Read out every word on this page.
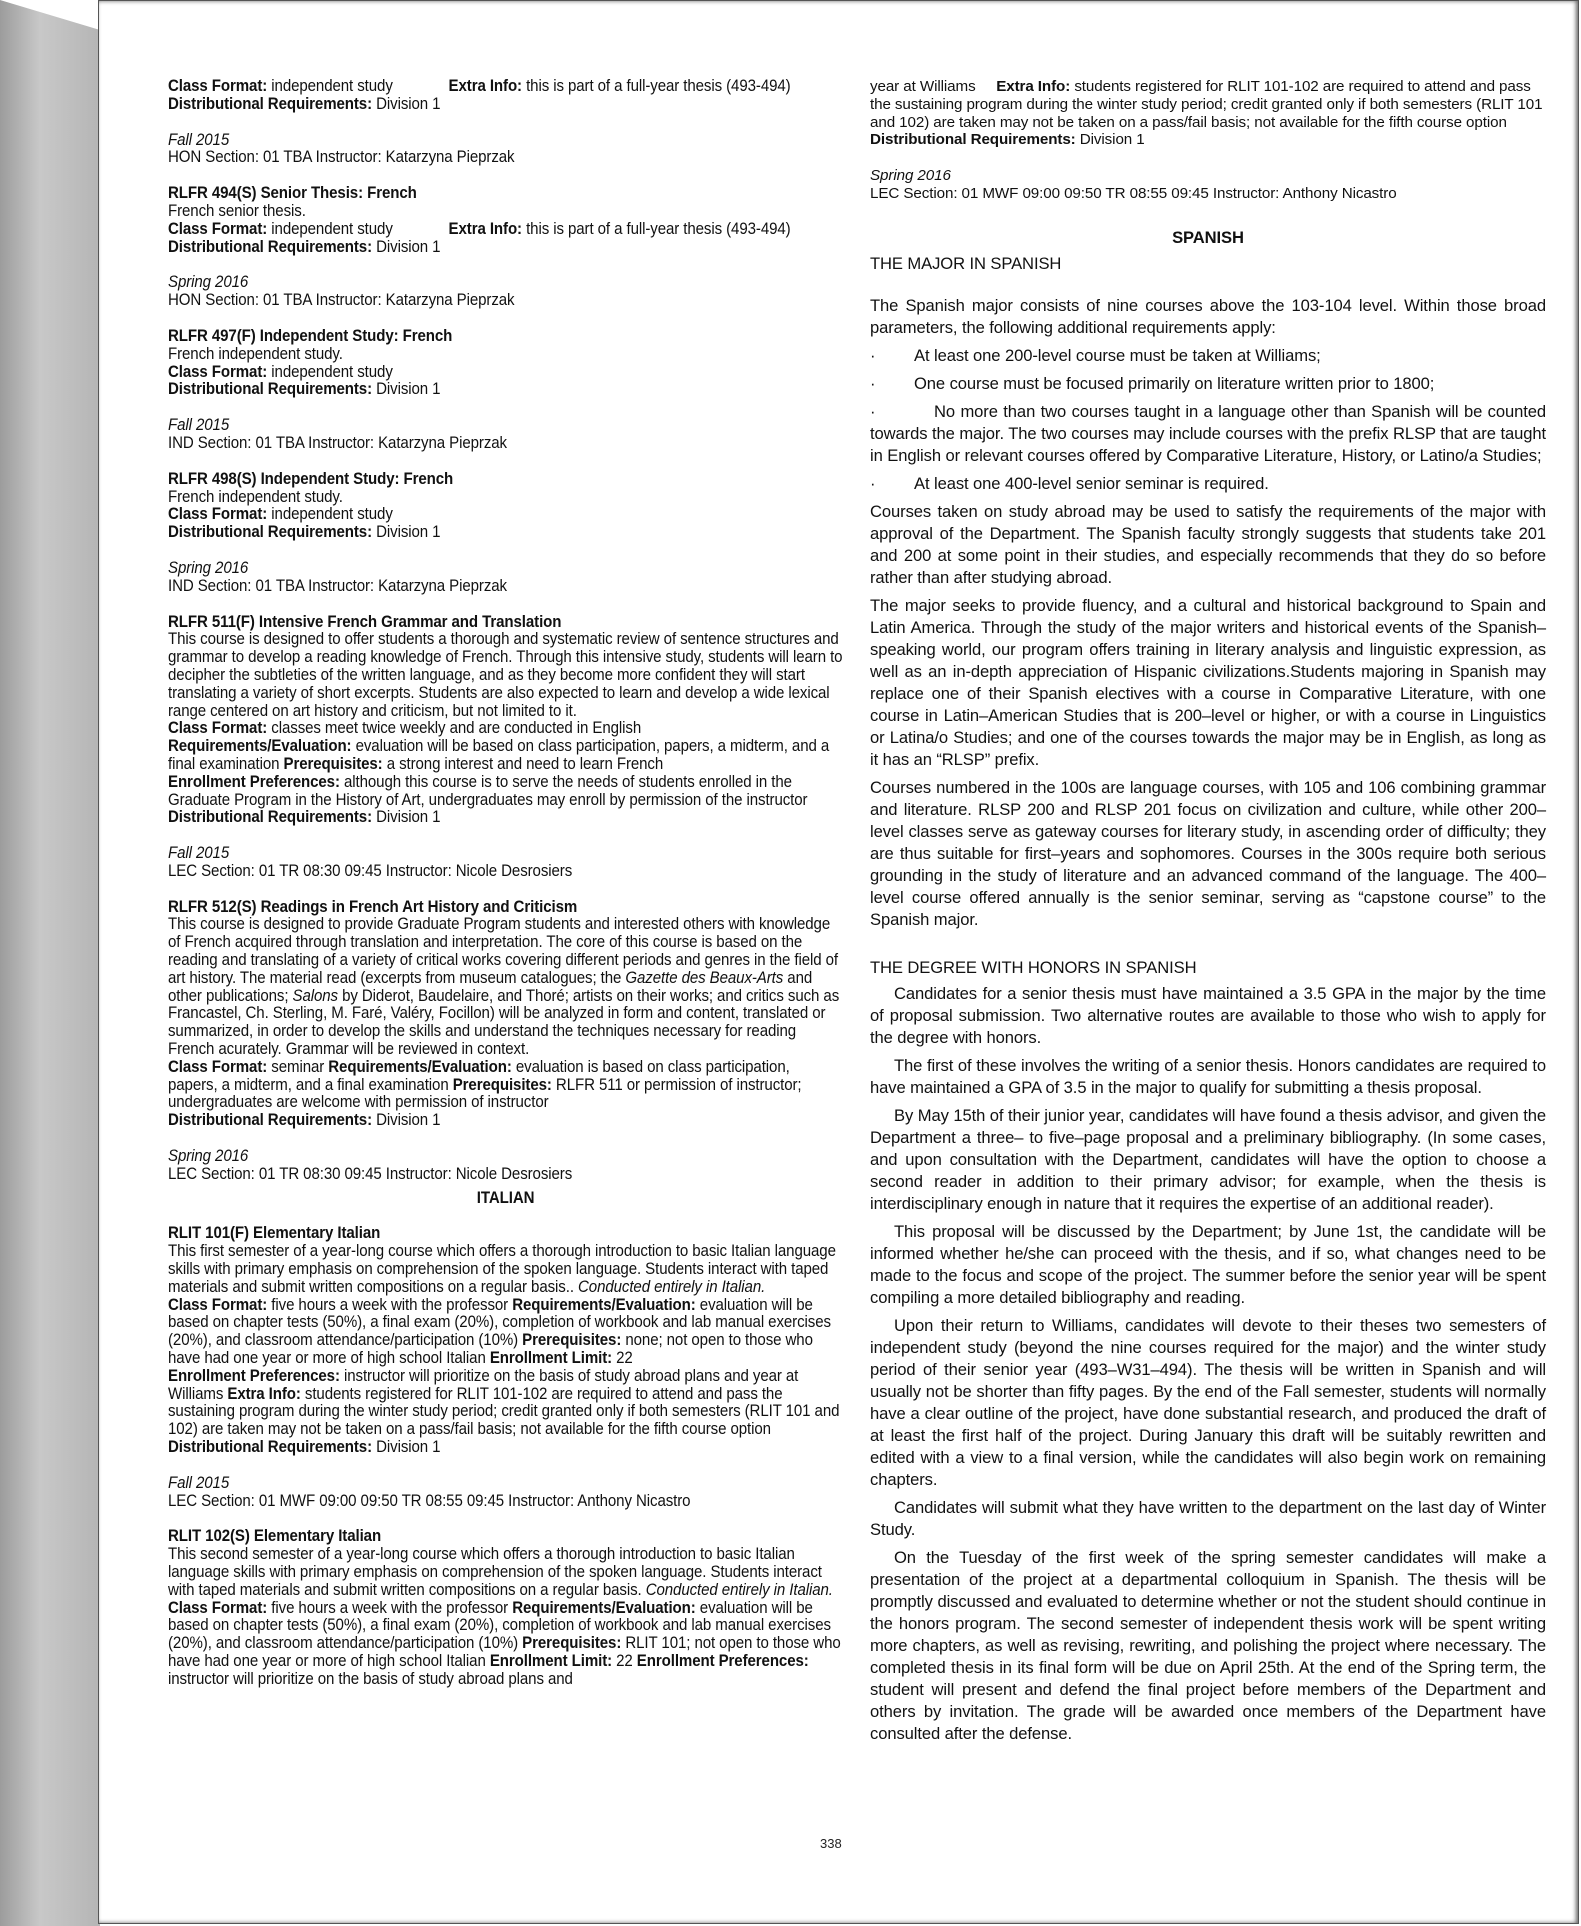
Class Format: independent study	Extra Info: this is part of a full-year thesis (493-494)
Distributional Requirements: Division 1
Fall 2015
HON Section: 01 TBA Instructor: Katarzyna Pieprzak
RLFR 494(S) Senior Thesis: French
French senior thesis.
Class Format: independent study	Extra Info: this is part of a full-year thesis (493-494)
Distributional Requirements: Division 1
Spring 2016
HON Section: 01 TBA Instructor: Katarzyna Pieprzak
RLFR 497(F) Independent Study: French
French independent study.
Class Format: independent study
Distributional Requirements: Division 1
Fall 2015
IND Section: 01 TBA Instructor: Katarzyna Pieprzak
RLFR 498(S) Independent Study: French
French independent study.
Class Format: independent study
Distributional Requirements: Division 1
Spring 2016
IND Section: 01 TBA Instructor: Katarzyna Pieprzak
RLFR 511(F) Intensive French Grammar and Translation
This course is designed to offer students a thorough and systematic review of sentence structures and grammar to develop a reading knowledge of French. Through this intensive study, students will learn to decipher the subtleties of the written language, and as they become more confident they will start translating a variety of short excerpts. Students are also expected to learn and develop a wide lexical range centered on art history and criticism, but not limited to it.
Class Format: classes meet twice weekly and are conducted in English
Requirements/Evaluation: evaluation will be based on class participation, papers, a midterm, and a final examination Prerequisites: a strong interest and need to learn French
Enrollment Preferences: although this course is to serve the needs of students enrolled in the Graduate Program in the History of Art, undergraduates may enroll by permission of the instructor
Distributional Requirements: Division 1
Fall 2015
LEC Section: 01 TR 08:30 09:45 Instructor: Nicole Desrosiers
RLFR 512(S) Readings in French Art History and Criticism
This course is designed to provide Graduate Program students and interested others with knowledge of French acquired through translation and interpretation. The core of this course is based on the reading and translating of a variety of critical works covering different periods and genres in the field of art history. The material read (excerpts from museum catalogues; the Gazette des Beaux-Arts and other publications; Salons by Diderot, Baudelaire, and Thoré; artists on their works; and critics such as Francastel, Ch. Sterling, M. Faré, Valéry, Focillon) will be analyzed in form and content, translated or summarized, in order to develop the skills and understand the techniques necessary for reading French acurately. Grammar will be reviewed in context.
Class Format: seminar Requirements/Evaluation: evaluation is based on class participation, papers, a midterm, and a final examination Prerequisites: RLFR 511 or permission of instructor; undergraduates are welcome with permission of instructor
Distributional Requirements: Division 1
Spring 2016
LEC Section: 01 TR 08:30 09:45 Instructor: Nicole Desrosiers
ITALIAN
RLIT 101(F) Elementary Italian
This first semester of a year-long course which offers a thorough introduction to basic Italian language skills with primary emphasis on comprehension of the spoken language. Students interact with taped materials and submit written compositions on a regular basis.. Conducted entirely in Italian.
Class Format: five hours a week with the professor Requirements/Evaluation: evaluation will be based on chapter tests (50%), a final exam (20%), completion of workbook and lab manual exercises (20%), and classroom attendance/participation (10%) Prerequisites: none; not open to those who have had one year or more of high school Italian Enrollment Limit: 22
Enrollment Preferences: instructor will prioritize on the basis of study abroad plans and year at Williams Extra Info: students registered for RLIT 101-102 are required to attend and pass the sustaining program during the winter study period; credit granted only if both semesters (RLIT 101 and 102) are taken may not be taken on a pass/fail basis; not available for the fifth course option
Distributional Requirements: Division 1
Fall 2015
LEC Section: 01 MWF 09:00 09:50 TR 08:55 09:45 Instructor: Anthony Nicastro
RLIT 102(S) Elementary Italian
This second semester of a year-long course which offers a thorough introduction to basic Italian language skills with primary emphasis on comprehension of the spoken language. Students interact with taped materials and submit written compositions on a regular basis. Conducted entirely in Italian.
Class Format: five hours a week with the professor Requirements/Evaluation: evaluation will be based on chapter tests (50%), a final exam (20%), completion of workbook and lab manual exercises (20%), and classroom attendance/participation (10%) Prerequisites: RLIT 101; not open to those who have had one year or more of high school Italian Enrollment Limit: 22 Enrollment Preferences: instructor will prioritize on the basis of study abroad plans and
year at Williams Extra Info: students registered for RLIT 101-102 are required to attend and pass the sustaining program during the winter study period; credit granted only if both semesters (RLIT 101 and 102) are taken may not be taken on a pass/fail basis; not available for the fifth course option
Distributional Requirements: Division 1
Spring 2016
LEC Section: 01 MWF 09:00 09:50 TR 08:55 09:45 Instructor: Anthony Nicastro
SPANISH
THE MAJOR IN SPANISH
The Spanish major consists of nine courses above the 103-104 level. Within those broad parameters, the following additional requirements apply:
·	At least one 200-level course must be taken at Williams;
·	One course must be focused primarily on literature written prior to 1800;
·	No more than two courses taught in a language other than Spanish will be counted towards the major. The two courses may include courses with the prefix RLSP that are taught in English or relevant courses offered by Comparative Literature, History, or Latino/a Studies;
·	At least one 400-level senior seminar is required.
Courses taken on study abroad may be used to satisfy the requirements of the major with approval of the Department. The Spanish faculty strongly suggests that students take 201 and 200 at some point in their studies, and especially recommends that they do so before rather than after studying abroad.
The major seeks to provide fluency, and a cultural and historical background to Spain and Latin America. Through the study of the major writers and historical events of the Spanish–speaking world, our program offers training in literary analysis and linguistic expression, as well as an in-depth appreciation of Hispanic civilizations.Students majoring in Spanish may replace one of their Spanish electives with a course in Comparative Literature, with one course in Latin–American Studies that is 200–level or higher, or with a course in Linguistics or Latina/o Studies; and one of the courses towards the major may be in English, as long as it has an “RLSP” prefix.
Courses numbered in the 100s are language courses, with 105 and 106 combining grammar and literature. RLSP 200 and RLSP 201 focus on civilization and culture, while other 200–level classes serve as gateway courses for literary study, in ascending order of difficulty; they are thus suitable for first–years and sophomores. Courses in the 300s require both serious grounding in the study of literature and an advanced command of the language. The 400–level course offered annually is the senior seminar, serving as “capstone course” to the Spanish major.
THE DEGREE WITH HONORS IN SPANISH
Candidates for a senior thesis must have maintained a 3.5 GPA in the major by the time of proposal submission. Two alternative routes are available to those who wish to apply for the degree with honors.
The first of these involves the writing of a senior thesis. Honors candidates are required to have maintained a GPA of 3.5 in the major to qualify for submitting a thesis proposal.
By May 15th of their junior year, candidates will have found a thesis advisor, and given the Department a three– to five–page proposal and a preliminary bibliography. (In some cases, and upon consultation with the Department, candidates will have the option to choose a second reader in addition to their primary advisor; for example, when the thesis is interdisciplinary enough in nature that it requires the expertise of an additional reader).
This proposal will be discussed by the Department; by June 1st, the candidate will be informed whether he/she can proceed with the thesis, and if so, what changes need to be made to the focus and scope of the project. The summer before the senior year will be spent compiling a more detailed bibliography and reading.
Upon their return to Williams, candidates will devote to their theses two semesters of independent study (beyond the nine courses required for the major) and the winter study period of their senior year (493–W31–494). The thesis will be written in Spanish and will usually not be shorter than fifty pages. By the end of the Fall semester, students will normally have a clear outline of the project, have done substantial research, and produced the draft of at least the first half of the project. During January this draft will be suitably rewritten and edited with a view to a final version, while the candidates will also begin work on remaining chapters.
Candidates will submit what they have written to the department on the last day of Winter Study.
On the Tuesday of the first week of the spring semester candidates will make a presentation of the project at a departmental colloquium in Spanish. The thesis will be promptly discussed and evaluated to determine whether or not the student should continue in the honors program. The second semester of independent thesis work will be spent writing more chapters, as well as revising, rewriting, and polishing the project where necessary. The completed thesis in its final form will be due on April 25th. At the end of the Spring term, the student will present and defend the final project before members of the Department and others by invitation. The grade will be awarded once members of the Department have consulted after the defense.
338
